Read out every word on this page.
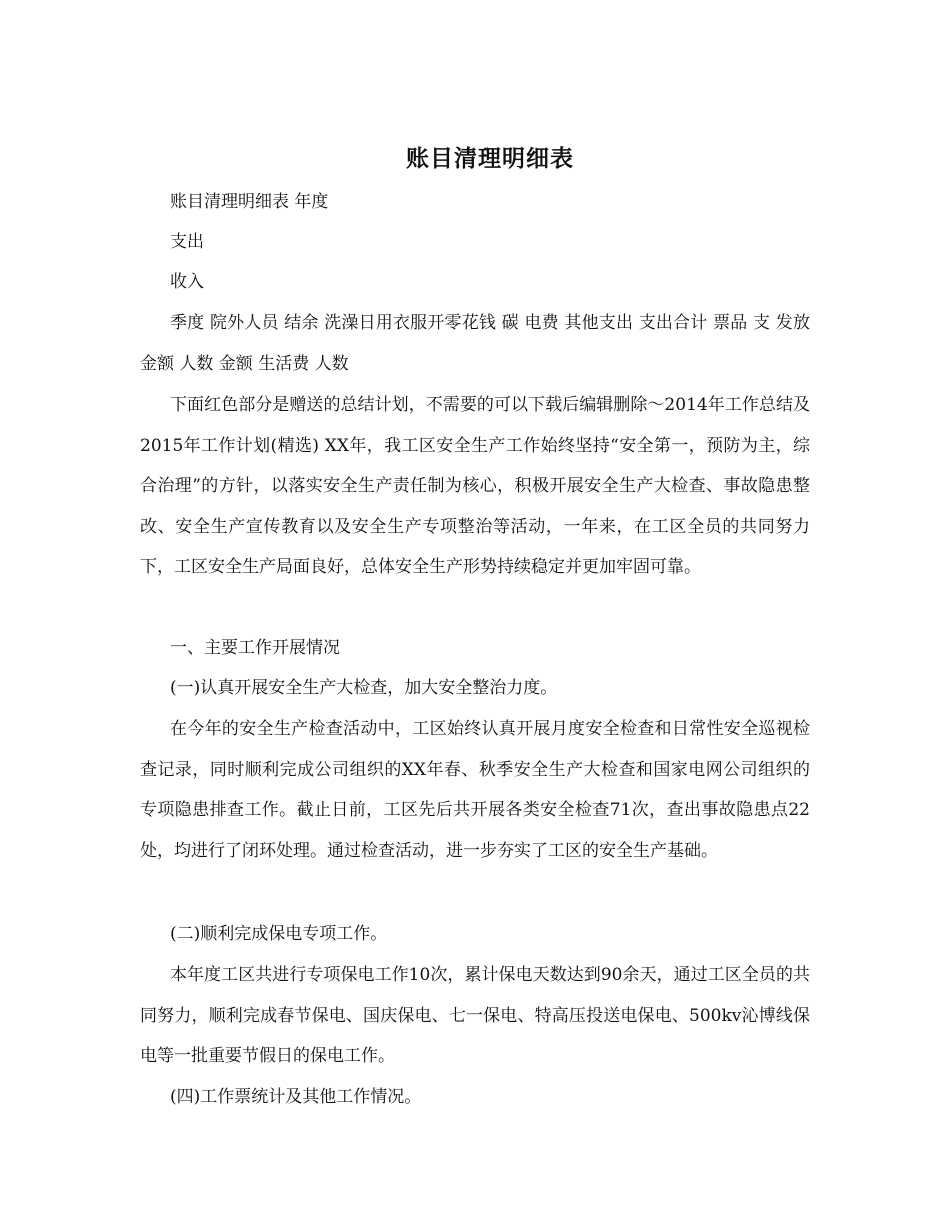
账目清理明细表

账目清理明细表 年度

支出

收入

季度 院外人员 结余 洗澡日用衣服开零花钱 碳 电费 其他支出 支出合计 票品 支 发放金额 人数 金额 生活费 人数

下面红色部分是赠送的总结计划，不需要的可以下载后编辑删除～2014年工作总结及2015年工作计划(精选) XX年，我工区安全生产工作始终坚持“安全第一，预防为主，综合治理”的方针，以落实安全生产责任制为核心，积极开展安全生产大检查、事故隐患整改、安全生产宣传教育以及安全生产专项整治等活动，一年来，在工区全员的共同努力下，工区安全生产局面良好，总体安全生产形势持续稳定并更加牢固可靠。

一、主要工作开展情况

(一)认真开展安全生产大检查，加大安全整治力度。

在今年的安全生产检查活动中，工区始终认真开展月度安全检查和日常性安全巡视检查记录，同时顺利完成公司组织的XX年春、秋季安全生产大检查和国家电网公司组织的专项隐患排查工作。截止日前，工区先后共开展各类安全检查71次，查出事故隐患点22处，均进行了闭环处理。通过检查活动，进一步夯实了工区的安全生产基础。

(二)顺利完成保电专项工作。

本年度工区共进行专项保电工作10次，累计保电天数达到90余天，通过工区全员的共同努力，顺利完成春节保电、国庆保电、七一保电、特高压投送电保电、500kv沁博线保电等一批重要节假日的保电工作。

(四)工作票统计及其他工作情况。
